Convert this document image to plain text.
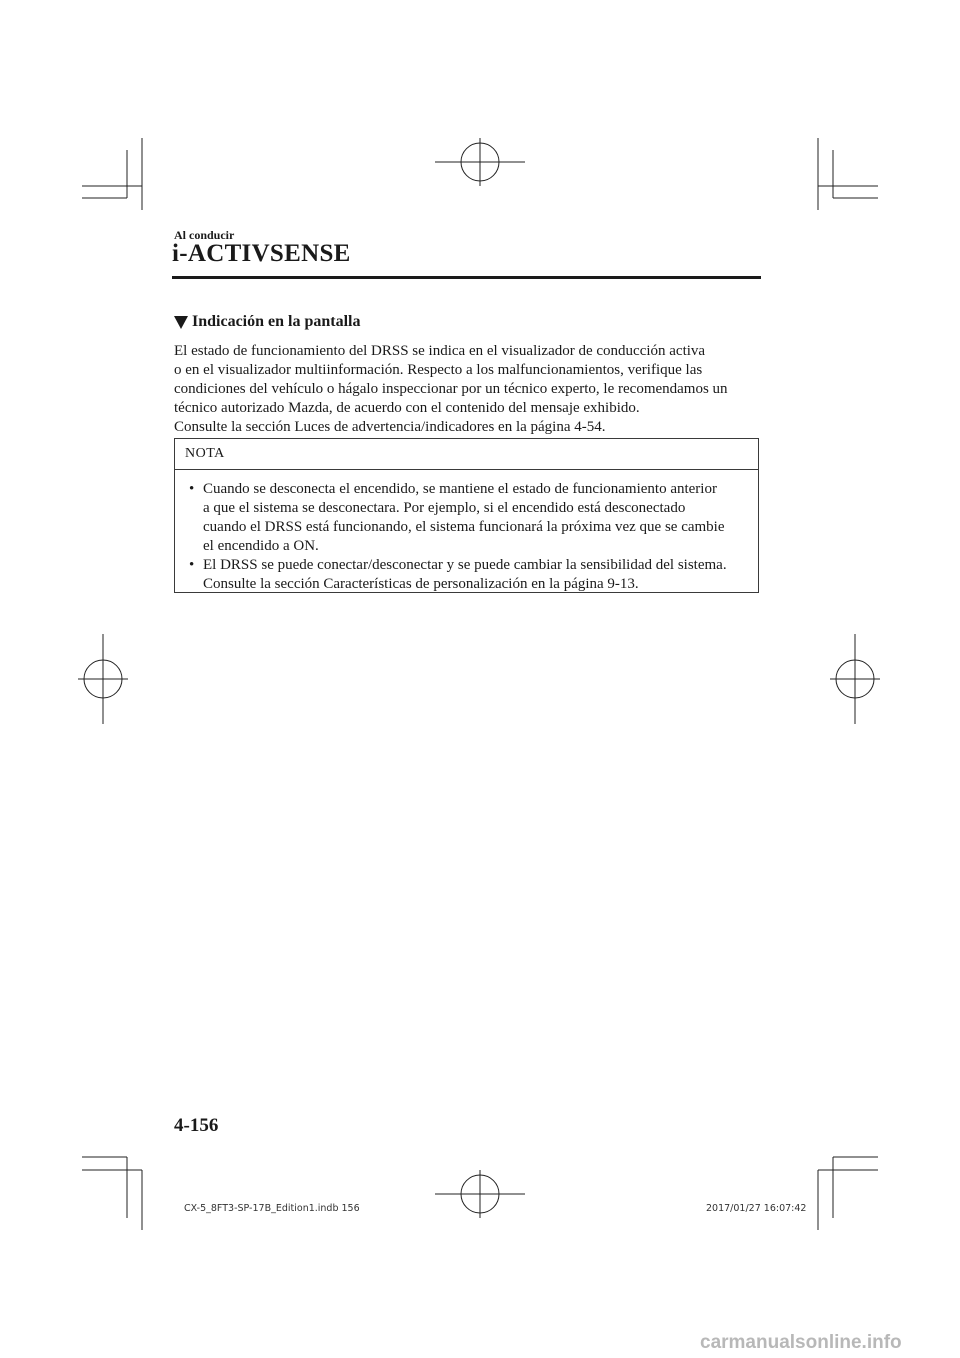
Al conducir
i-ACTIVSENSE
Indicación en la pantalla

El estado de funcionamiento del DRSS se indica en el visualizador de conducción activa

o en el visualizador multiinformación. Respecto a los malfuncionamientos, verifique las

condiciones del vehículo o hágalo inspeccionar por un técnico experto, le recomendamos un

técnico autorizado Mazda, de acuerdo con el contenido del mensaje exhibido.

Consulte la sección Luces de advertencia/indicadores en la página 4-54.

NOTA
• Cuando se desconecta el encendido, se mantiene el estado de funcionamiento anterior
a que el sistema se desconectara. Por ejemplo, si el encendido está desconectado
cuando el DRSS está funcionando, el sistema funcionará la próxima vez que se cambie
el encendido a ON.
• El DRSS se puede conectar/desconectar y se puede cambiar la sensibilidad del sistema.
Consulte la sección Características de personalización en la página 9-13.
4-156
CX-5_8FT3-SP-17B_Edition1.indb 156	2017/01/27 16:07:42
carmanualsonline.info
